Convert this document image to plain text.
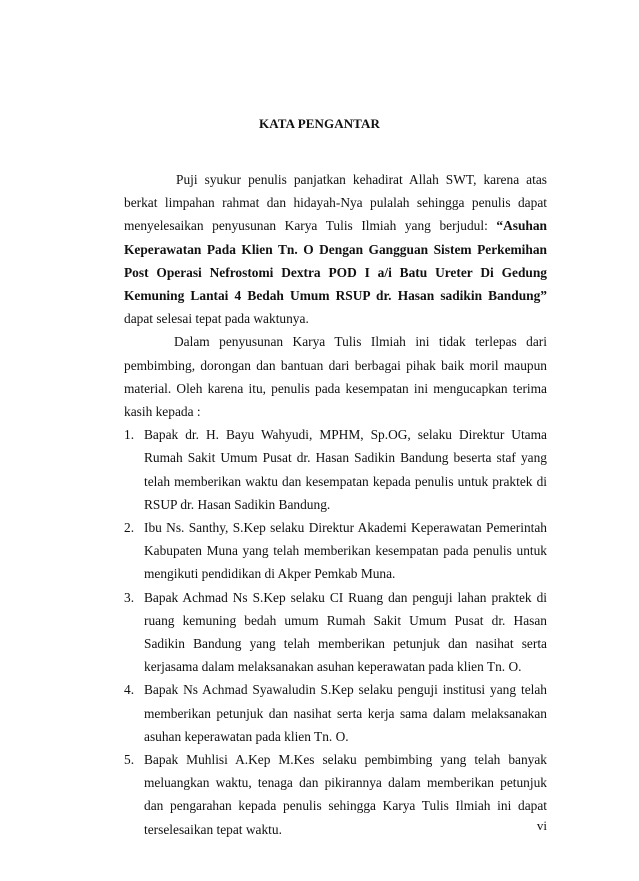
KATA PENGANTAR

Puji syukur penulis panjatkan kehadirat Allah SWT, karena atas berkat limpahan rahmat dan hidayah-Nya pulalah sehingga penulis dapat menyelesaikan penyusunan Karya Tulis Ilmiah yang berjudul: “Asuhan Keperawatan Pada Klien Tn. O Dengan Gangguan Sistem Perkemihan Post Operasi Nefrostomi Dextra POD I a/i Batu Ureter Di Gedung Kemuning Lantai 4 Bedah Umum RSUP dr. Hasan sadikin Bandung” dapat selesai tepat pada waktunya.

Dalam penyusunan Karya Tulis Ilmiah ini tidak terlepas dari pembimbing, dorongan dan bantuan dari berbagai pihak baik moril maupun material. Oleh karena itu, penulis pada kesempatan ini mengucapkan terima kasih kepada :

1. Bapak dr. H. Bayu Wahyudi, MPHM, Sp.OG, selaku Direktur Utama Rumah Sakit Umum Pusat dr. Hasan Sadikin Bandung beserta staf yang telah memberikan waktu dan kesempatan kepada penulis untuk praktek di RSUP dr. Hasan Sadikin Bandung.
2. Ibu Ns. Santhy, S.Kep selaku Direktur Akademi Keperawatan Pemerintah Kabupaten Muna yang telah memberikan kesempatan pada penulis untuk mengikuti pendidikan di Akper Pemkab Muna.
3. Bapak Achmad Ns S.Kep selaku CI Ruang dan penguji lahan praktek di ruang kemuning bedah umum Rumah Sakit Umum Pusat dr. Hasan Sadikin Bandung yang telah memberikan petunjuk dan nasihat serta kerjasama dalam melaksanakan asuhan keperawatan pada klien Tn. O.
4. Bapak Ns Achmad Syawaludin S.Kep selaku penguji institusi yang telah memberikan petunjuk dan nasihat serta kerja sama dalam melaksanakan asuhan keperawatan pada klien Tn. O.
5. Bapak Muhlisi A.Kep M.Kes selaku pembimbing yang telah banyak meluangkan waktu, tenaga dan pikirannya dalam memberikan petunjuk dan pengarahan kepada penulis sehingga Karya Tulis Ilmiah ini dapat terselesaikan tepat waktu.	vi
